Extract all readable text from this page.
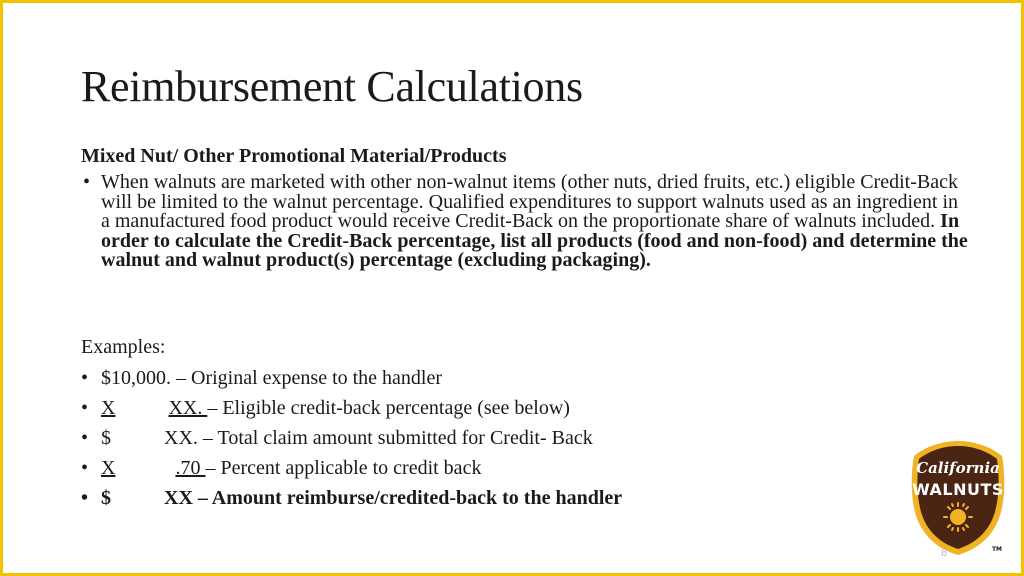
Reimbursement Calculations
Mixed Nut/ Other Promotional Material/Products
• When walnuts are marketed with other non-walnut items (other nuts, dried fruits, etc.) eligible Credit-Back will be limited to the walnut percentage. Qualified expenditures to support walnuts used as an ingredient in a manufactured food product would receive Credit-Back on the proportionate share of walnuts included. In order to calculate the Credit-Back percentage, list all products (food and non-food) and determine the walnut and walnut product(s) percentage (excluding packaging).
Examples:
• $10,000. – Original expense to the handler
• X	XX. – Eligible credit-back percentage (see below)
• $	XX. – Total claim amount submitted for Credit- Back
• X	.70 – Percent applicable to credit back
• $	XX – Amount reimburse/credited-back to the handler
California
WALNUTS
TM
8
